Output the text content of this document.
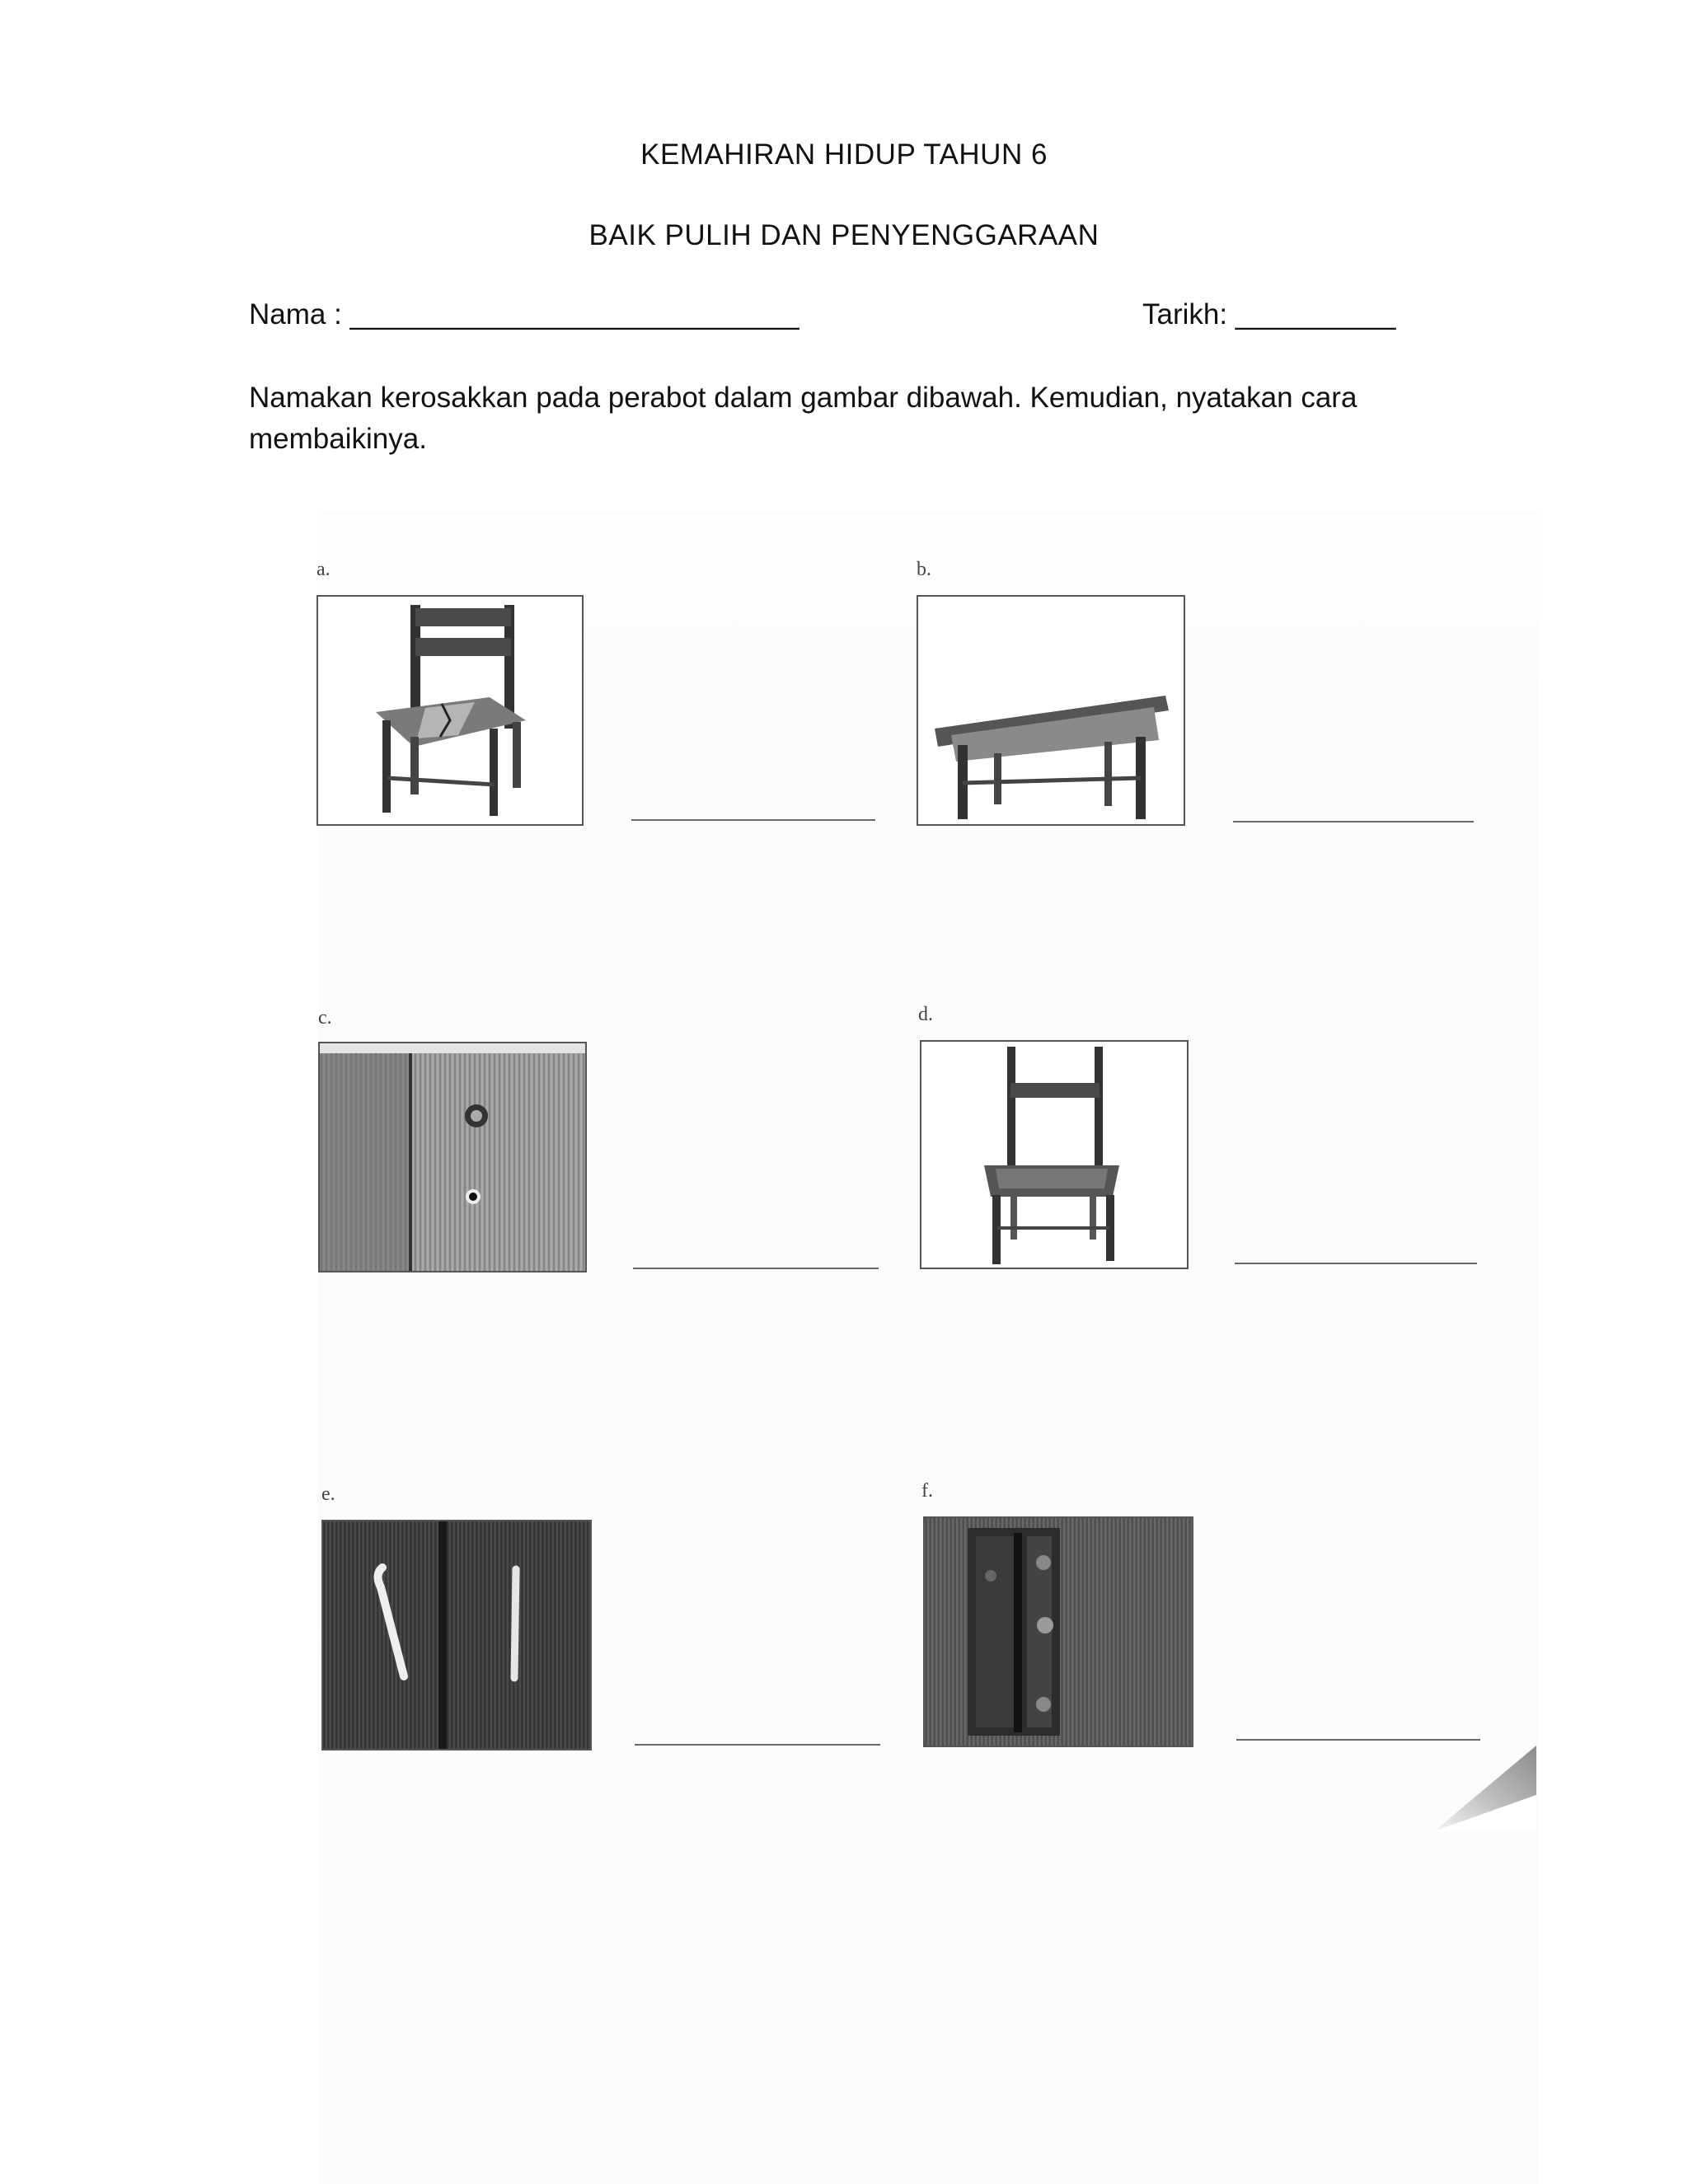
KEMAHIRAN HIDUP TAHUN 6
BAIK PULIH DAN PENYENGGARAAN
Nama : ____________________________	Tarikh: __________
Namakan kerosakkan pada perabot dalam gambar dibawah. Kemudian, nyatakan cara membaikinya.
a.	b.
c.	d.
e.	f.
